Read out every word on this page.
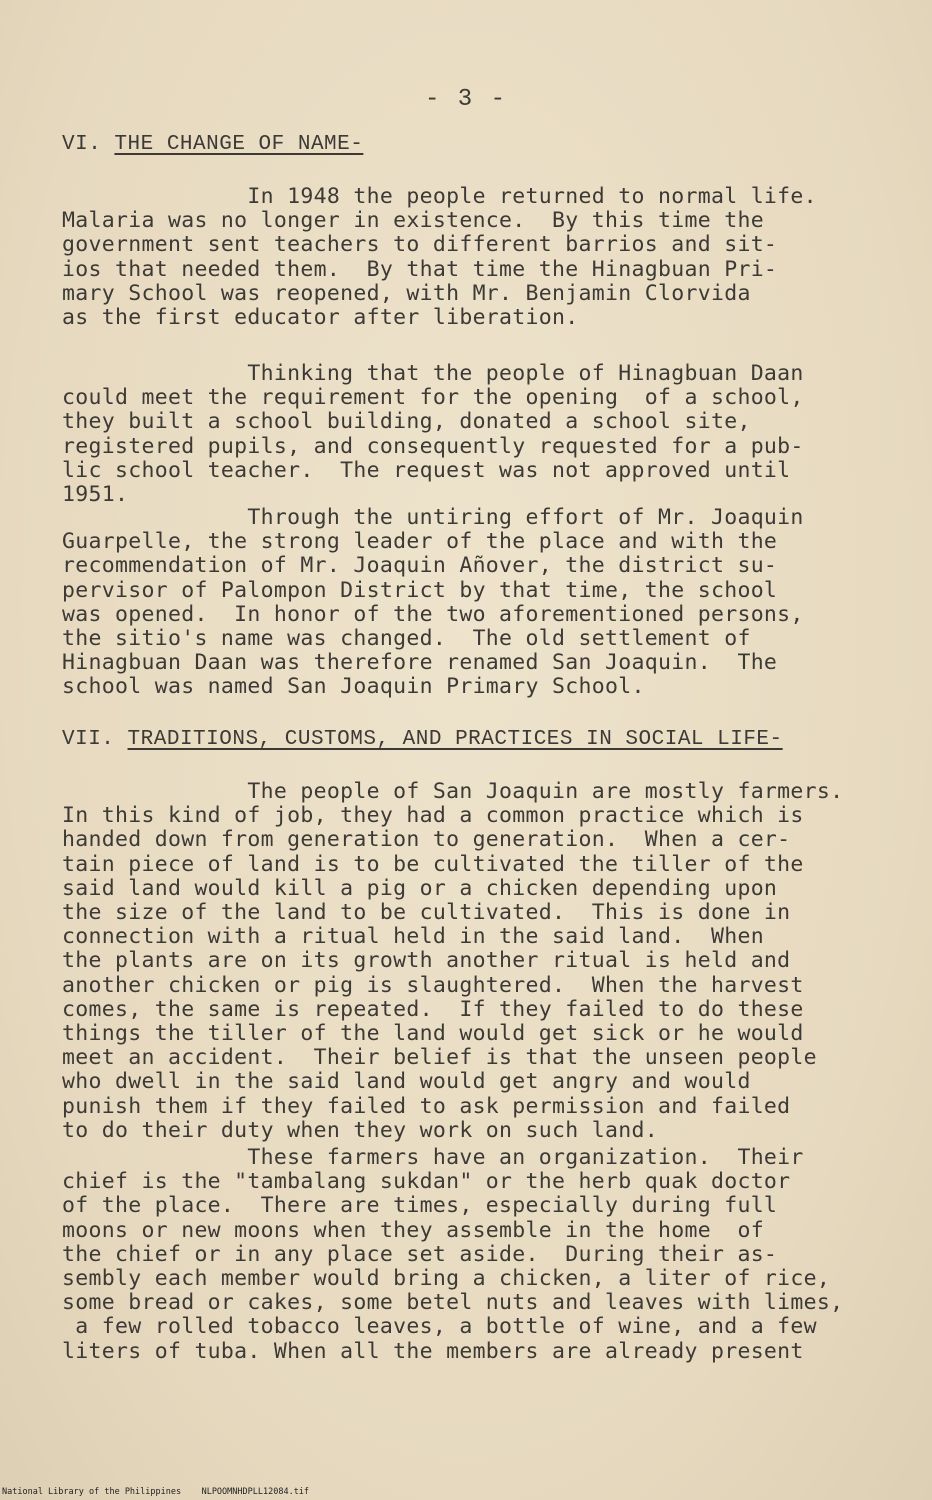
- 3 -
VI. THE CHANGE OF NAME-
In 1948 the people returned to normal life.
Malaria was no longer in existence.  By this time the
government sent teachers to different barrios and sit-
ios that needed them.  By that time the Hinagbuan Pri-
mary School was reopened, with Mr. Benjamin Clorvida
as the first educator after liberation.
Thinking that the people of Hinagbuan Daan
could meet the requirement for the opening  of a school,
they built a school building, donated a school site,
registered pupils, and consequently requested for a pub-
lic school teacher.  The request was not approved until
1951.
Through the untiring effort of Mr. Joaquin
Guarpelle, the strong leader of the place and with the
recommendation of Mr. Joaquin Añover, the district su-
pervisor of Palompon District by that time, the school
was opened.  In honor of the two aforementioned persons,
the sitio's name was changed.  The old settlement of
Hinagbuan Daan was therefore renamed San Joaquin.  The
school was named San Joaquin Primary School.
VII. TRADITIONS, CUSTOMS, AND PRACTICES IN SOCIAL LIFE-
The people of San Joaquin are mostly farmers.
In this kind of job, they had a common practice which is
handed down from generation to generation.  When a cer-
tain piece of land is to be cultivated the tiller of the
said land would kill a pig or a chicken depending upon
the size of the land to be cultivated.  This is done in
connection with a ritual held in the said land.  When
the plants are on its growth another ritual is held and
another chicken or pig is slaughtered.  When the harvest
comes, the same is repeated.  If they failed to do these
things the tiller of the land would get sick or he would
meet an accident.  Their belief is that the unseen people
who dwell in the said land would get angry and would
punish them if they failed to ask permission and failed
to do their duty when they work on such land.
These farmers have an organization.  Their
chief is the "tambalang sukdan" or the herb quak doctor
of the place.  There are times, especially during full
moons or new moons when they assemble in the home  of
the chief or in any place set aside.  During their as-
sembly each member would bring a chicken, a liter of rice,
some bread or cakes, some betel nuts and leaves with limes,
a few rolled tobacco leaves, a bottle of wine, and a few
liters of tuba. When all the members are already present
National Library of the Philippines    NLPOOMNHDPLL12084.tif
